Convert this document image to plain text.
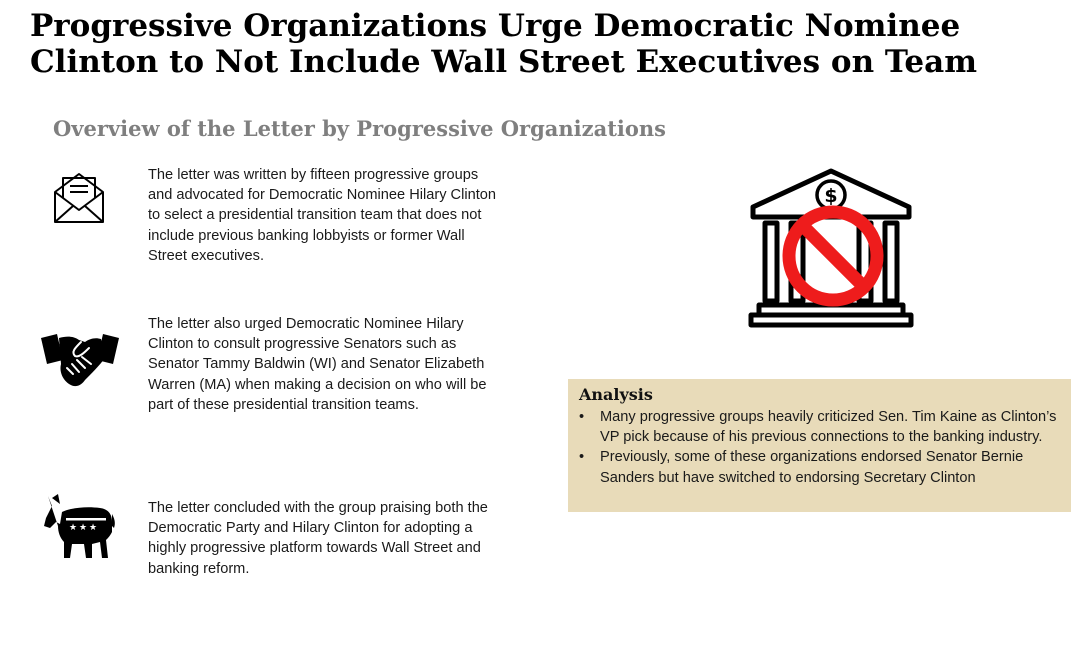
Progressive Organizations Urge Democratic Nominee Clinton to Not Include Wall Street Executives on Team
Overview of the Letter by Progressive Organizations

The letter was written by fifteen progressive groups and advocated for Democratic Nominee Hilary Clinton to select a presidential transition team that does not include previous banking lobbyists or former Wall Street executives.

The letter also urged Democratic Nominee Hilary Clinton to consult progressive Senators such as Senator Tammy Baldwin (WI) and Senator Elizabeth Warren (MA) when making a decision on who will be part of these presidential transition teams.

★ ★ ★

The letter concluded with the group praising both the Democratic Party and Hilary Clinton for adopting a highly progressive platform towards Wall Street and banking reform.

$
Analysis
• Many progressive groups heavily criticized Sen. Tim Kaine as Clinton’s VP pick because of his previous connections to the banking industry.
• Previously, some of these organizations endorsed Senator Bernie Sanders but have switched to endorsing Secretary Clinton
